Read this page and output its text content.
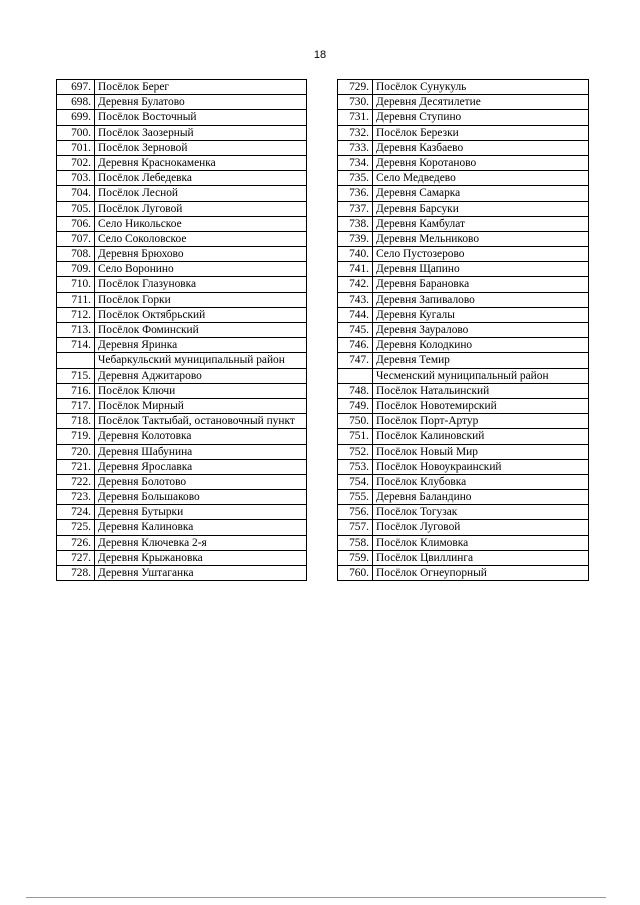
18
697.	Посёлок Берег
698.	Деревня Булатово
699.	Посёлок Восточный
700.	Посёлок Заозерный
701.	Посёлок Зерновой
702.	Деревня Краснокаменка
703.	Посёлок Лебедевка
704.	Посёлок Лесной
705.	Посёлок Луговой
706.	Село Никольское
707.	Село Соколовское
708.	Деревня Брюхово
709.	Село Воронино
710.	Посёлок Глазуновка
711.	Посёлок Горки
712.	Посёлок Октябрьский
713.	Посёлок Фоминский
714.	Деревня Яринка
	Чебаркульский муниципальный район
715.	Деревня Аджитарово
716.	Посёлок Ключи
717.	Посёлок Мирный
718.	Посёлок Тактыбай, остановочный пункт
719.	Деревня Колотовка
720.	Деревня Шабунина
721.	Деревня Ярославка
722.	Деревня Болотово
723.	Деревня Большаково
724.	Деревня Бутырки
725.	Деревня Калиновка
726.	Деревня Ключевка 2-я
727.	Деревня Крыжановка
728.	Деревня Уштаганка
729.	Посёлок Сунукуль
730.	Деревня Десятилетие
731.	Деревня Ступино
732.	Посёлок Березки
733.	Деревня Казбаево
734.	Деревня Коротаново
735.	Село Медведево
736.	Деревня Самарка
737.	Деревня Барсуки
738.	Деревня Камбулат
739.	Деревня Мельниково
740.	Село Пустозерово
741.	Деревня Щапино
742.	Деревня Барановка
743.	Деревня Запивалово
744.	Деревня Кугалы
745.	Деревня Зауралово
746.	Деревня Колодкино
747.	Деревня Темир
	Чесменский муниципальный район
748.	Посёлок Натальинский
749.	Посёлок Новотемирский
750.	Посёлок Порт-Артур
751.	Посёлок Калиновский
752.	Посёлок Новый Мир
753.	Посёлок Новоукраинский
754.	Посёлок Клубовка
755.	Деревня Баландино
756.	Посёлок Тогузак
757.	Посёлок Луговой
758.	Посёлок Климовка
759.	Посёлок Цвиллинга
760.	Посёлок Огнеупорный
